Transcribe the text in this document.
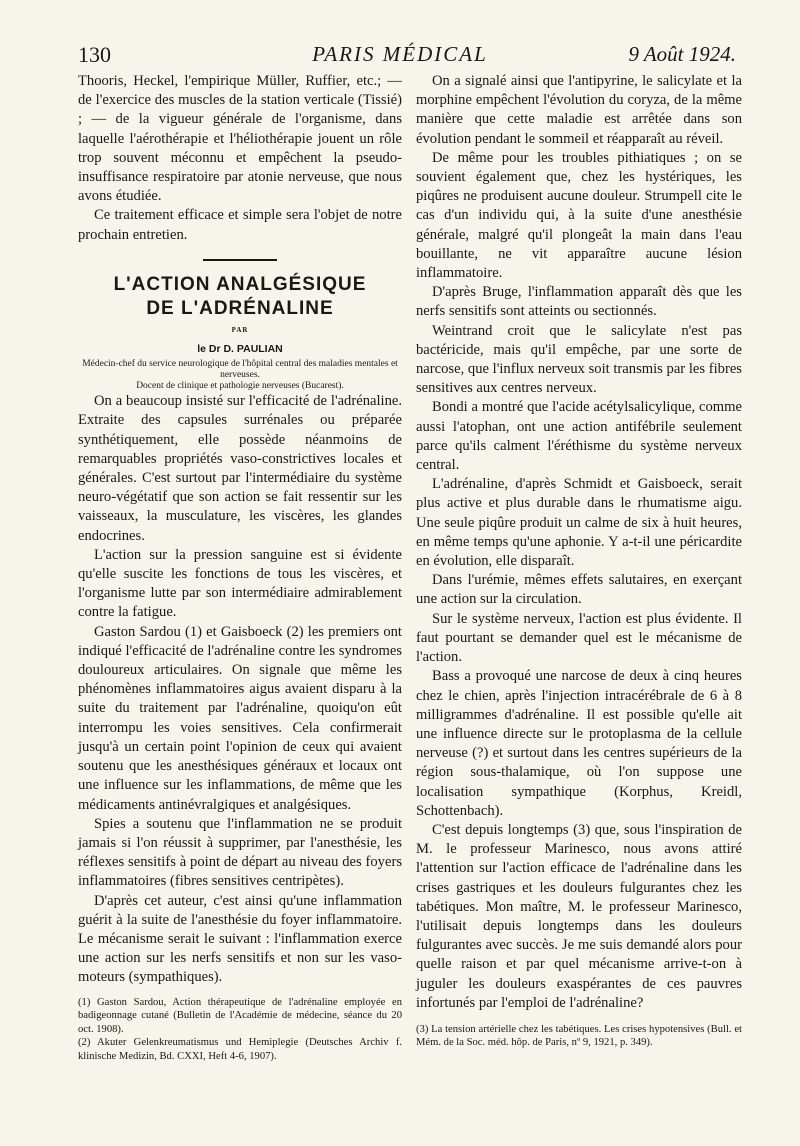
130	PARIS MÉDICAL	9 Août 1924.

Thooris, Heckel, l'empirique Müller, Ruffier, etc.; — de l'exercice des muscles de la station verticale (Tissié) ; — de la vigueur générale de l'organisme, dans laquelle l'aérothérapie et l'héliothérapie jouent un rôle trop souvent méconnu et empêchent la pseudo-insuffisance respiratoire par atonie nerveuse, que nous avons étudiée.

Ce traitement efficace et simple sera l'objet de notre prochain entretien.

L'ACTION ANALGÉSIQUE

DE L'ADRÉNALINE

PAR

le Dr D. PAULIAN

Médecin-chef du service neurologique de l'hôpital central des maladies mentales et nerveuses.
Docent de clinique et pathologie nerveuses (Bucarest).

On a beaucoup insisté sur l'efficacité de l'adrénaline. Extraite des capsules surrénales ou préparée synthétiquement, elle possède néanmoins de remarquables propriétés vaso-constrictives locales et générales. C'est surtout par l'intermédiaire du système neuro-végétatif que son action se fait ressentir sur les vaisseaux, la musculature, les viscères, les glandes endocrines.

L'action sur la pression sanguine est si évidente qu'elle suscite les fonctions de tous les viscères, et l'organisme lutte par son intermédiaire admirablement contre la fatigue.

Gaston Sardou (1) et Gaisboeck (2) les premiers ont indiqué l'efficacité de l'adrénaline contre les syndromes douloureux articulaires. On signale que même les phénomènes inflammatoires aigus avaient disparu à la suite du traitement par l'adrénaline, quoiqu'on eût interrompu les voies sensitives. Cela confirmerait jusqu'à un certain point l'opinion de ceux qui avaient soutenu que les anesthésiques généraux et locaux ont une influence sur les inflammations, de même que les médicaments antinévralgiques et analgésiques.

Spies a soutenu que l'inflammation ne se produit jamais si l'on réussit à supprimer, par l'anesthésie, les réflexes sensitifs à point de départ au niveau des foyers inflammatoires (fibres sensitives centripètes).

D'après cet auteur, c'est ainsi qu'une inflammation guérit à la suite de l'anesthésie du foyer inflammatoire. Le mécanisme serait le suivant : l'inflammation exerce une action sur les nerfs sensitifs et non sur les vaso-moteurs (sympathiques).

(1) Gaston Sardou, Action thérapeutique de l'adrénaline employée en badigeonnage cutané (Bulletin de l'Académie de médecine, séance du 20 oct. 1908).

(2) Akuter Gelenkreumatismus und Hemiplegie (Deutsches Archiv f. klinische Medizin, Bd. CXXI, Heft 4-6, 1907).

On a signalé ainsi que l'antipyrine, le salicylate et la morphine empêchent l'évolution du coryza, de la même manière que cette maladie est arrêtée dans son évolution pendant le sommeil et réapparaît au réveil.

De même pour les troubles pithiatiques ; on se souvient également que, chez les hystériques, les piqûres ne produisent aucune douleur. Strumpell cite le cas d'un individu qui, à la suite d'une anesthésie générale, malgré qu'il plongeât la main dans l'eau bouillante, ne vit apparaître aucune lésion inflammatoire.

D'après Bruge, l'inflammation apparaît dès que les nerfs sensitifs sont atteints ou sectionnés.

Weintrand croit que le salicylate n'est pas bactéricide, mais qu'il empêche, par une sorte de narcose, que l'influx nerveux soit transmis par les fibres sensitives aux centres nerveux.

Bondi a montré que l'acide acétylsalicylique, comme aussi l'atophan, ont une action antifébrile seulement parce qu'ils calment l'éréthisme du système nerveux central.

L'adrénaline, d'après Schmidt et Gaisboeck, serait plus active et plus durable dans le rhumatisme aigu. Une seule piqûre produit un calme de six à huit heures, en même temps qu'une aphonie. Y a-t-il une péricardite en évolution, elle disparaît.

Dans l'urémie, mêmes effets salutaires, en exerçant une action sur la circulation.

Sur le système nerveux, l'action est plus évidente. Il faut pourtant se demander quel est le mécanisme de l'action.

Bass a provoqué une narcose de deux à cinq heures chez le chien, après l'injection intracérébrale de 6 à 8 milligrammes d'adrénaline. Il est possible qu'elle ait une influence directe sur le protoplasma de la cellule nerveuse (?) et surtout dans les centres supérieurs de la région sous-thalamique, où l'on suppose une localisation sympathique (Korphus, Kreidl, Schottenbach).

C'est depuis longtemps (3) que, sous l'inspiration de M. le professeur Marinesco, nous avons attiré l'attention sur l'action efficace de l'adrénaline dans les crises gastriques et les douleurs fulgurantes chez les tabétiques. Mon maître, M. le professeur Marinesco, l'utilisait depuis longtemps dans les douleurs fulgurantes avec succès. Je me suis demandé alors pour quelle raison et par quel mécanisme arrive-t-on à juguler les douleurs exaspérantes de ces pauvres infortunés par l'emploi de l'adrénaline?

(3) La tension artérielle chez les tabétiques. Les crises hypotensives (Bull. et Mém. de la Soc. méd. hôp. de Paris, nº 9, 1921, p. 349).
